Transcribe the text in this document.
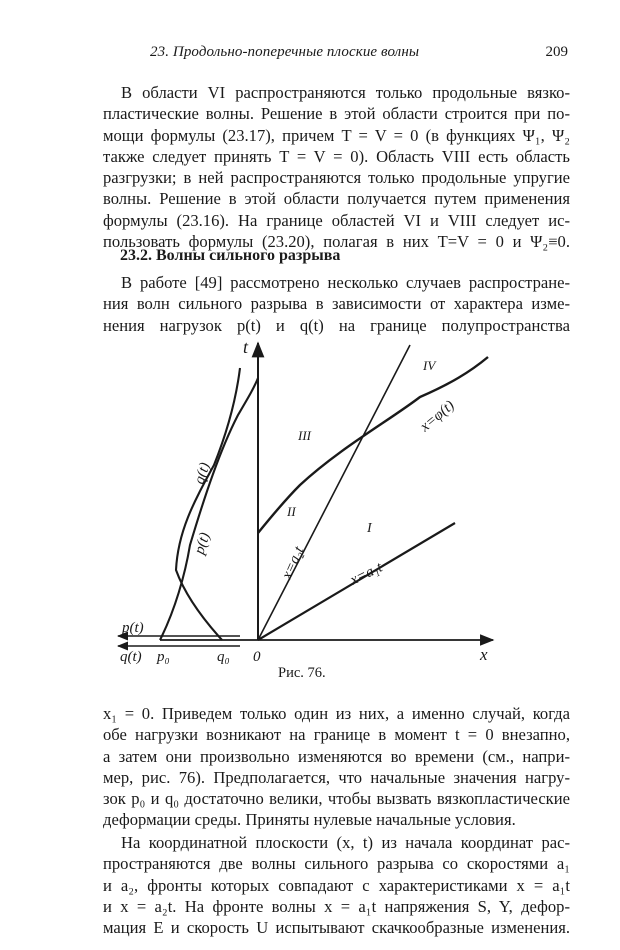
23. Продольно-поперечные плоские волны	209
В области VI распространяются только продольные вязко-
пластические волны. Решение в этой области строится при по-
мощи формулы (23.17), причем T = V = 0 (в функциях Ψ₁, Ψ₂
также следует принять T = V = 0). Область VIII есть область
разгрузки; в ней распространяются только продольные упругие
волны. Решение в этой области получается путем применения
формулы (23.16). На границе областей VI и VIII следует ис-
пользовать формулы (23.20), полагая в них T=V = 0 и Ψ₂≡0.
23.2. Волны сильного разрыва
В работе [49] рассмотрено несколько случаев распростране-
ния волн сильного разрыва в зависимости от характера изме-
нения нагрузок p(t) и q(t) на границе полупространства
t
x
0
p(t)
q(t) p₀	q₀
q(t)
p(t)
I
II
III
IV
x=a₁t
x=a₂t
x=φ(t)
Рис. 76.
x₁ = 0. Приведем только один из них, а именно случай, когда
обе нагрузки возникают на границе в момент t = 0 внезапно,
а затем они произвольно изменяются во времени (см., напри-
мер, рис. 76). Предполагается, что начальные значения нагру-
зок p₀ и q₀ достаточно велики, чтобы вызвать вязкопластические
деформации среды. Приняты нулевые начальные условия.
На координатной плоскости (x, t) из начала координат рас-
пространяются две волны сильного разрыва со скоростями a₁
и a₂, фронты которых совпадают с характеристиками x = a₁t
и x = a₂t. На фронте волны x = a₁t напряжения S, Y, дефор-
мация E и скорость U испытывают скачкообразные изменения.
